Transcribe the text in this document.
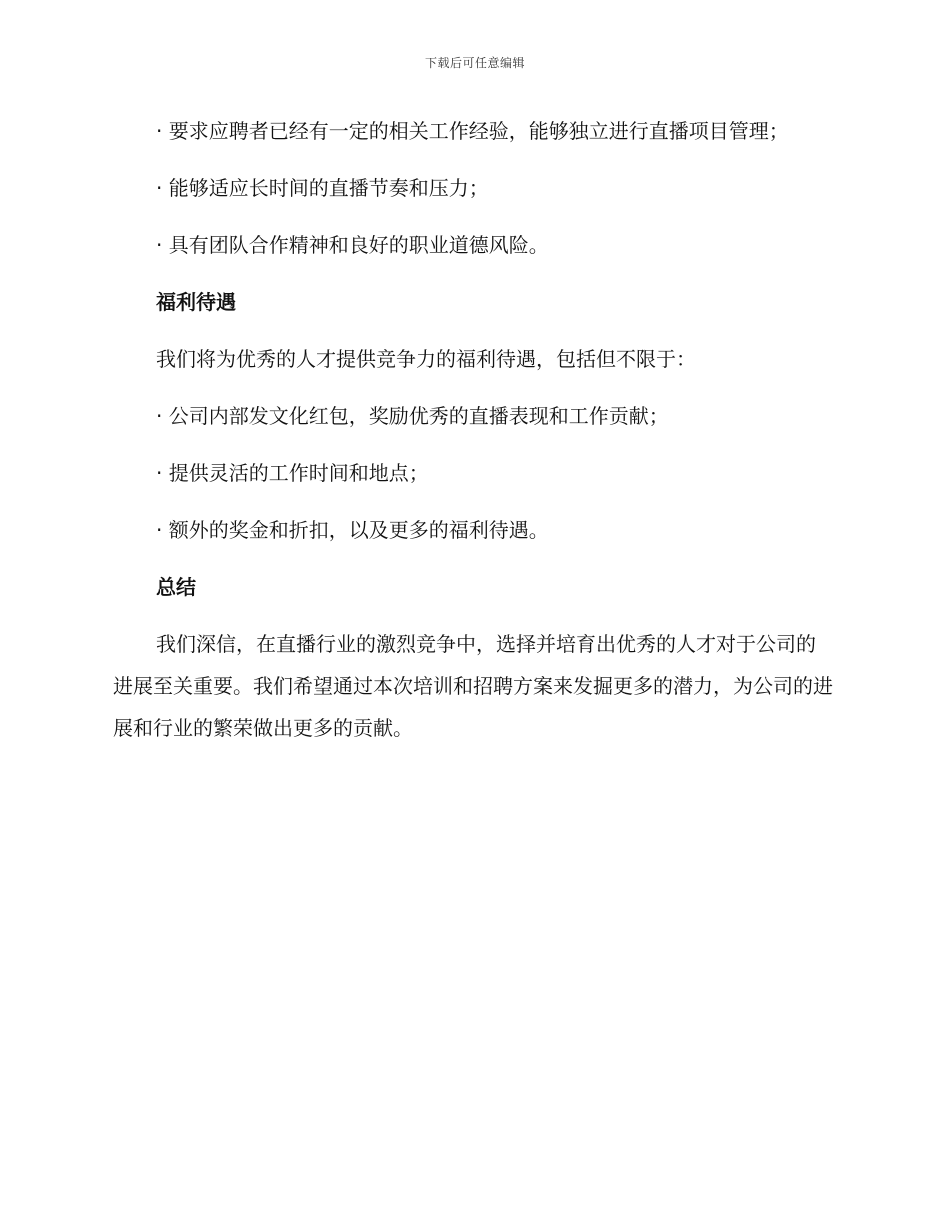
下载后可任意编辑

· 要求应聘者已经有一定的相关工作经验，能够独立进行直播项目管理；

· 能够适应长时间的直播节奏和压力；

· 具有团队合作精神和良好的职业道德风险。

福利待遇

我们将为优秀的人才提供竞争力的福利待遇，包括但不限于：

· 公司内部发文化红包，奖励优秀的直播表现和工作贡献；

· 提供灵活的工作时间和地点；

· 额外的奖金和折扣，以及更多的福利待遇。

总结

我们深信，在直播行业的激烈竞争中，选择并培育出优秀的人才对于公司的进展至关重要。我们希望通过本次培训和招聘方案来发掘更多的潜力，为公司的进展和行业的繁荣做出更多的贡献。
